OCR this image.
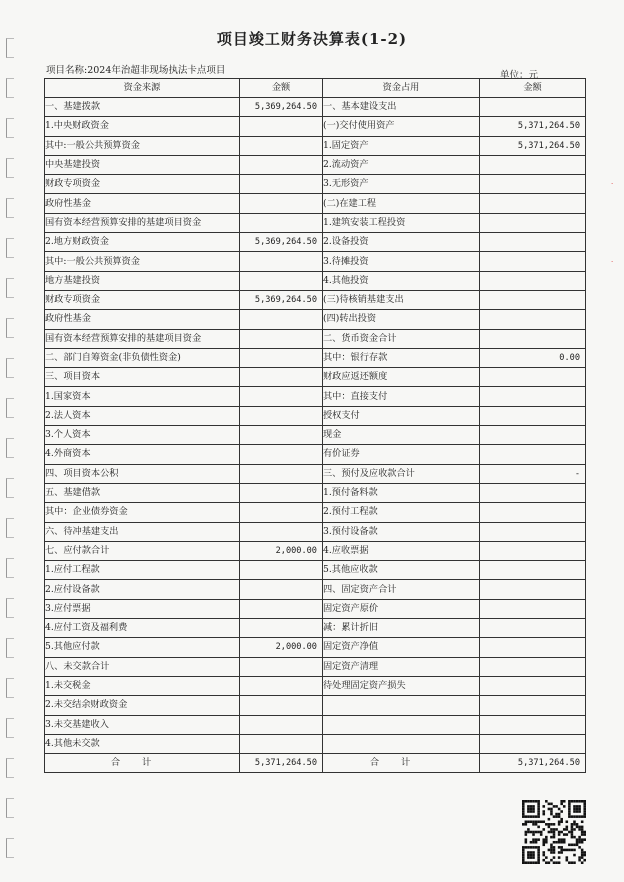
项目竣工财务决算表(1-2)
项目名称:2024年治超非现场执法卡点项目	单位：元
资金来源	金额	资金占用	金额
一、基建拨款	5,369,264.50	一、基本建设支出	
1.中央财政资金		(一)交付使用资产	5,371,264.50
其中:一般公共预算资金		1.固定资产	5,371,264.50
中央基建投资		2.流动资产	
财政专项资金		3.无形资产	
政府性基金		(二)在建工程	
国有资本经营预算安排的基建项目资金		1.建筑安装工程投资	
2.地方财政资金	5,369,264.50	2.设备投资	
其中:一般公共预算资金		3.待摊投资	
地方基建投资		4.其他投资	
财政专项资金	5,369,264.50	(三)待核销基建支出	
政府性基金		(四)转出投资	
国有资本经营预算安排的基建项目资金		二、货币资金合计	
二、部门自筹资金(非负债性资金)		其中：银行存款	0.00
三、项目资本		财政应返还额度	
1.国家资本		其中：直接支付	
2.法人资本		授权支付	
3.个人资本		现金	
4.外商资本		有价证券	
四、项目资本公积		三、预付及应收款合计	-
五、基建借款		1.预付备料款	
其中：企业债券资金		2.预付工程款	
六、待冲基建支出		3.预付设备款	
七、应付款合计	2,000.00	4.应收票据	
1.应付工程款		5.其他应收款	
2.应付设备款		四、固定资产合计	
3.应付票据		固定资产原价	
4.应付工资及福利费		减：累计折旧	
5.其他应付款	2,000.00	固定资产净值	
八、未交款合计		固定资产清理	
1.未交税金		待处理固定资产损失	
2.未交结余财政资金			
3.未交基建收入			
4.其他未交款			
合计	5,371,264.50	合计	5,371,264.50
·
·
